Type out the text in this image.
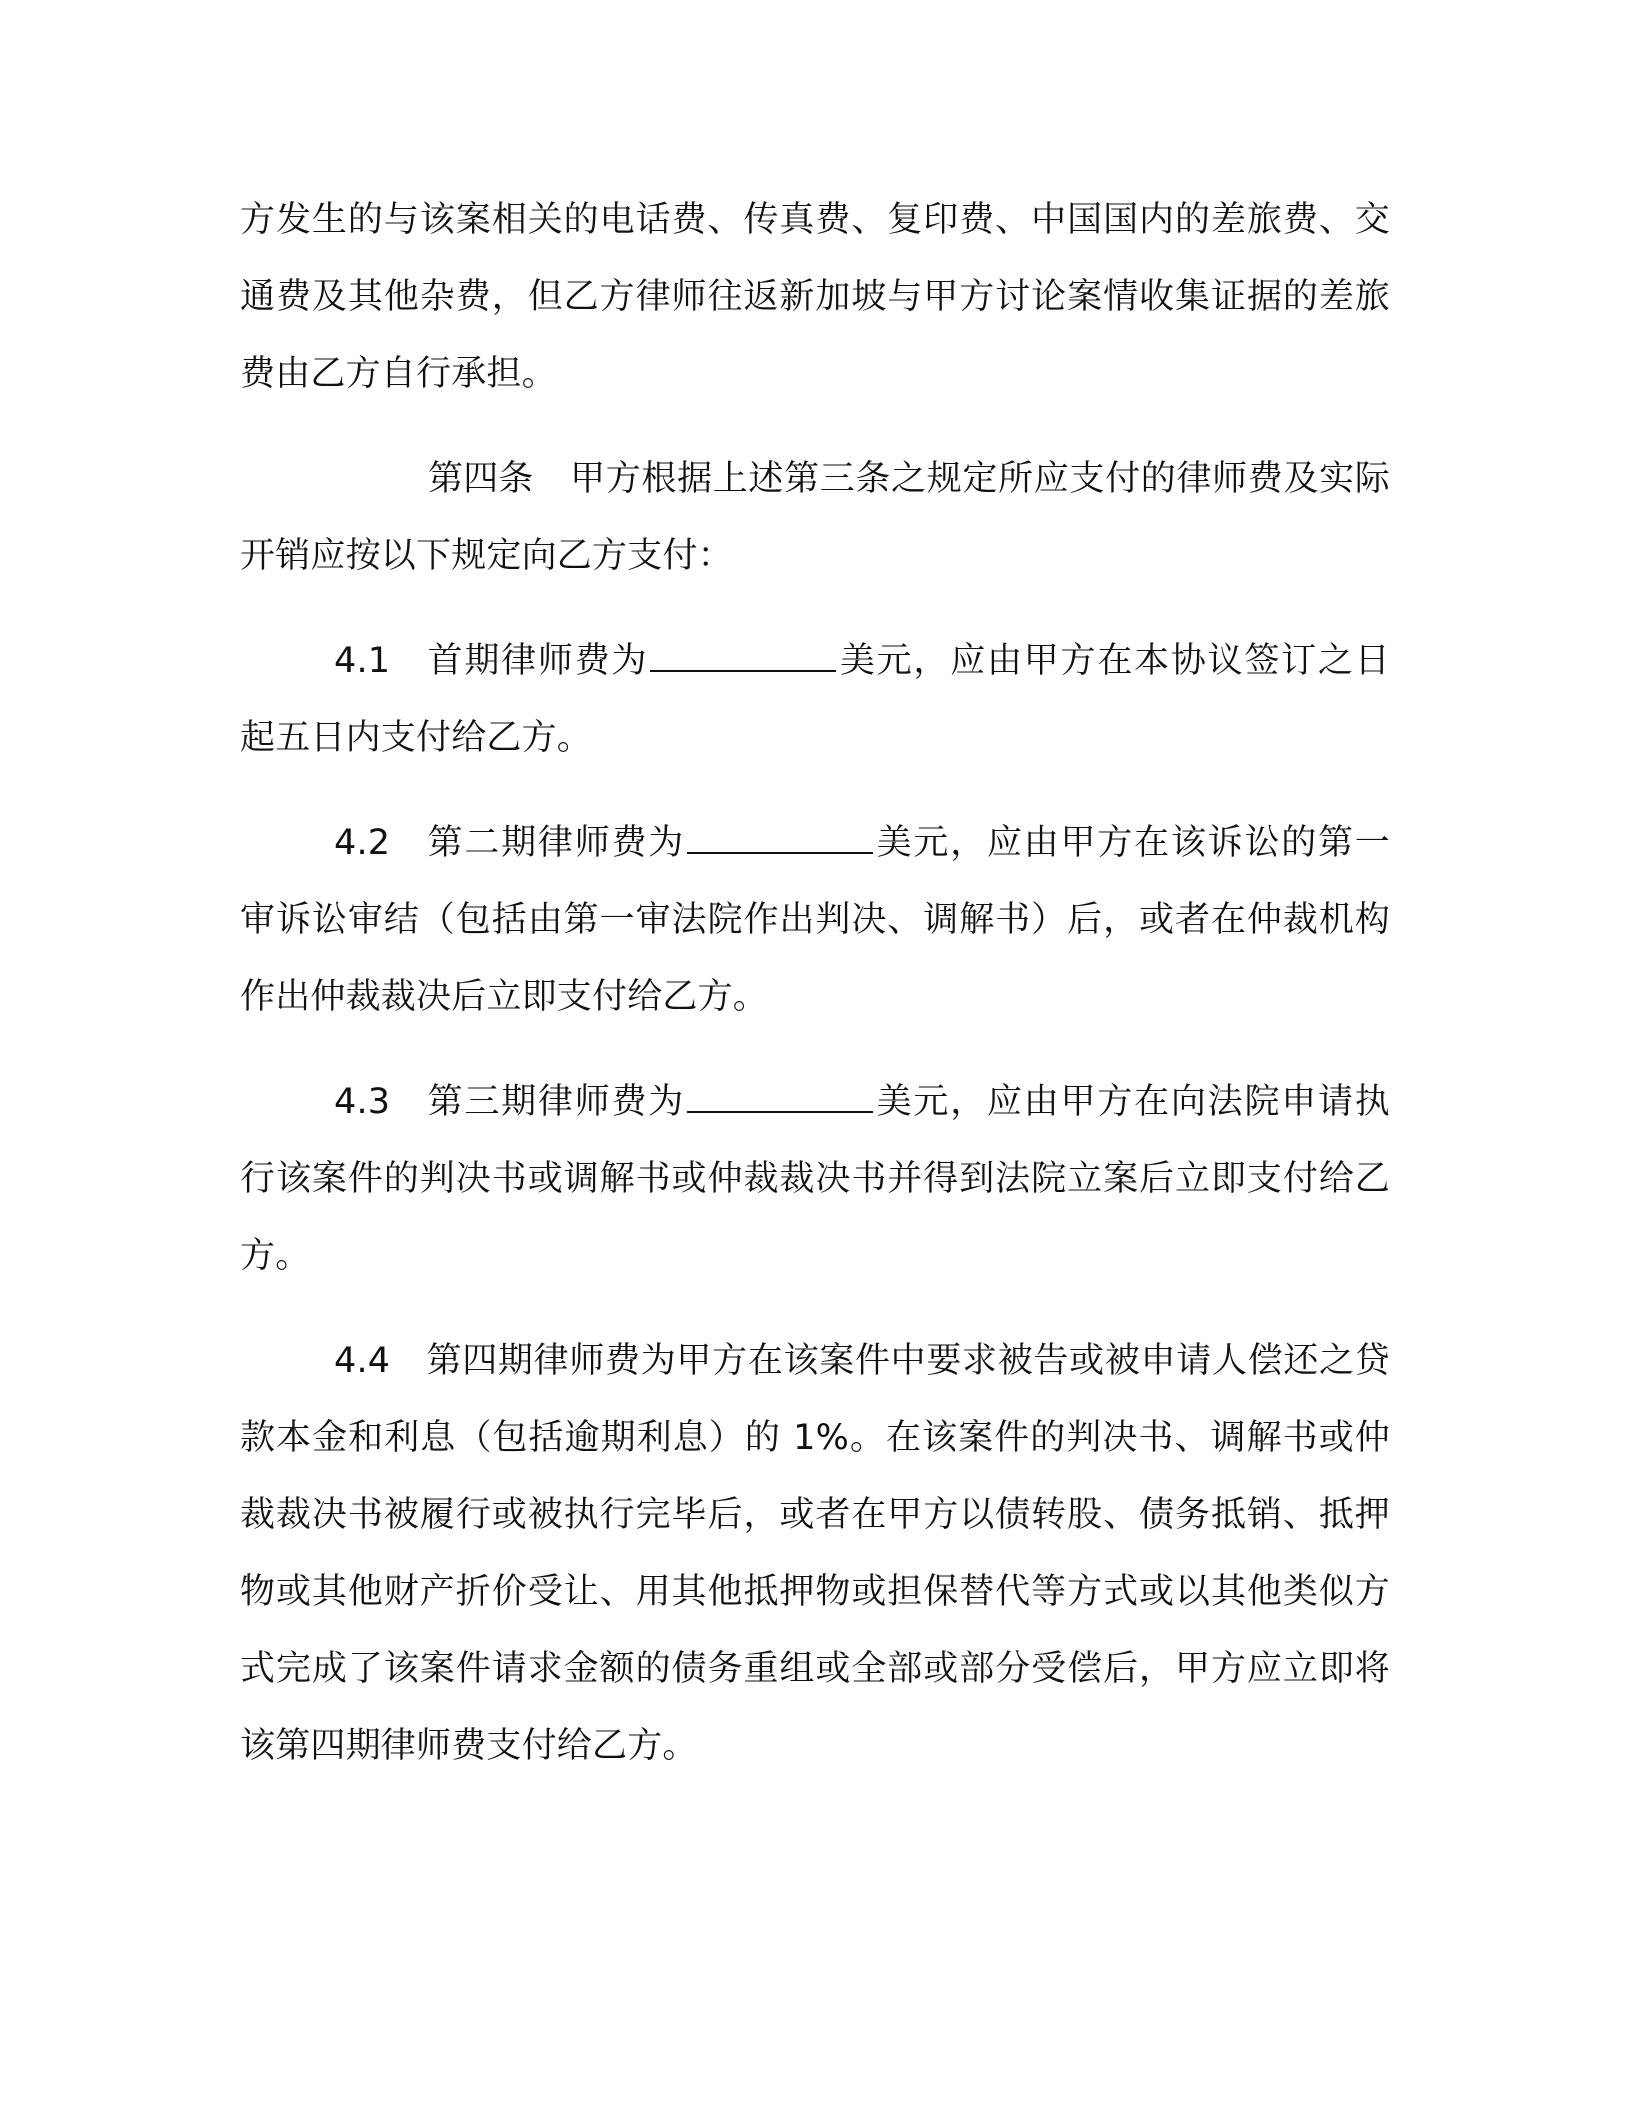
方发生的与该案相关的电话费、传真费、复印费、中国国内的差旅费、交通费及其他杂费，但乙方律师往返新加坡与甲方讨论案情收集证据的差旅费由乙方自行承担。

第四条 甲方根据上述第三条之规定所应支付的律师费及实际开销应按以下规定向乙方支付：

4.1 首期律师费为	美元，应由甲方在本协议签订之日起五日内支付给乙方。

4.2 第二期律师费为	美元，应由甲方在该诉讼的第一审诉讼审结（包括由第一审法院作出判决、调解书）后，或者在仲裁机构作出仲裁裁决后立即支付给乙方。

4.3 第三期律师费为	美元，应由甲方在向法院申请执行该案件的判决书或调解书或仲裁裁决书并得到法院立案后立即支付给乙方。

4.4 第四期律师费为甲方在该案件中要求被告或被申请人偿还之贷款本金和利息（包括逾期利息）的 1%。在该案件的判决书、调解书或仲裁裁决书被履行或被执行完毕后，或者在甲方以债转股、债务抵销、抵押物或其他财产折价受让、用其他抵押物或担保替代等方式或以其他类似方式完成了该案件请求金额的债务重组或全部或部分受偿后，甲方应立即将该第四期律师费支付给乙方。
